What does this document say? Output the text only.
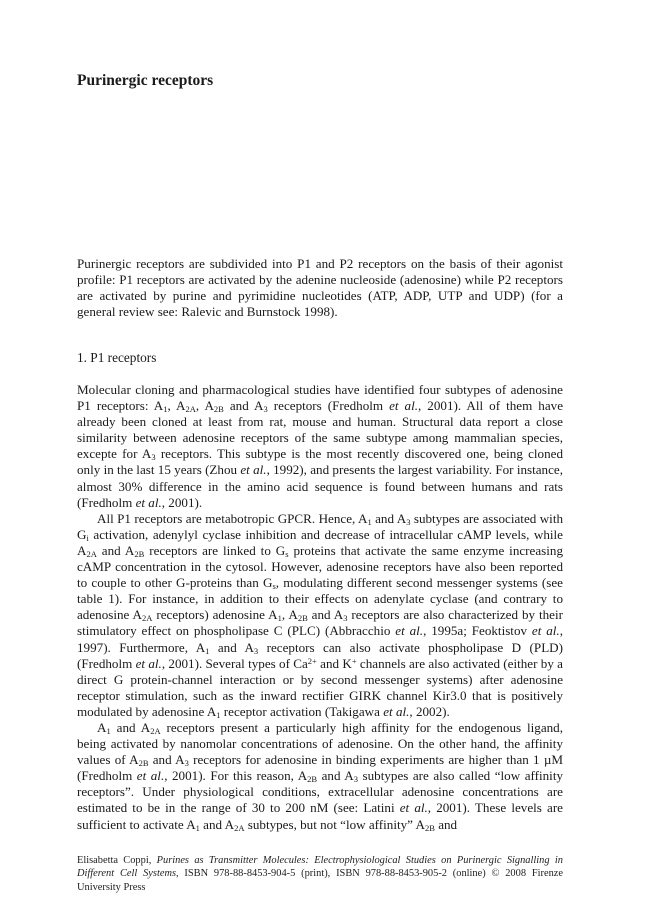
Purinergic receptors

Purinergic receptors are subdivided into P1 and P2 receptors on the basis of their agonist profile: P1 receptors are activated by the adenine nucleoside (adenosine) while P2 receptors are activated by purine and pyrimidine nucleotides (ATP, ADP, UTP and UDP) (for a general review see: Ralevic and Burnstock 1998).

1. P1 receptors

Molecular cloning and pharmacological studies have identified four subtypes of adenosine P1 receptors: $A_1$, $A_{2A}$, $A_{2B}$ and $A_3$ receptors (Fredholm et al., 2001). All of them have already been cloned at least from rat, mouse and human. Structural data report a close similarity between adenosine receptors of the same subtype among mammalian species, excepte for $A_3$ receptors. This subtype is the most recently discovered one, being cloned only in the last 15 years (Zhou et al., 1992), and presents the largest variability. For instance, almost 30% difference in the amino acid sequence is found between humans and rats (Fredholm et al., 2001).

All P1 receptors are metabotropic GPCR. Hence, $A_1$ and $A_3$ subtypes are associated with $G_i$ activation, adenylyl cyclase inhibition and decrease of intracellular cAMP levels, while $A_{2A}$ and $A_{2B}$ receptors are linked to $G_s$ proteins that activate the same enzyme increasing cAMP concentration in the cytosol. However, adenosine receptors have also been reported to couple to other G-proteins than $G_s$, modulating different second messenger systems (see table 1). For instance, in addition to their effects on adenylate cyclase (and contrary to adenosine $A_{2A}$ receptors) adenosine $A_1$, $A_{2B}$ and $A_3$ receptors are also characterized by their stimulatory effect on phospholipase C (PLC) (Abbracchio et al., 1995a; Feoktistov et al., 1997). Furthermore, $A_1$ and $A_3$ receptors can also activate phospholipase D (PLD) (Fredholm et al., 2001). Several types of $Ca^{2+}$ and K+ channels are also activated (either by a direct G protein-channel interaction or by second messenger systems) after adenosine receptor stimulation, such as the inward rectifier GIRK channel Kir3.0 that is positively modulated by adenosine $A_1$ receptor activation (Takigawa et al., 2002).

$A_1$ and $A_{2A}$ receptors present a particularly high affinity for the endogenous ligand, being activated by nanomolar concentrations of adenosine. On the other hand, the affinity values of $A_{2B}$ and $A_3$ receptors for adenosine in binding experiments are higher than 1 µM (Fredholm et al., 2001). For this reason, $A_{2B}$ and $A_3$ subtypes are also called “low affinity receptors”. Under physiological conditions, extracellular adenosine concentrations are estimated to be in the range of 30 to 200 nM (see: Latini et al., 2001). These levels are sufficient to activate $A_1$ and $A_{2A}$ subtypes, but not “low affinity” $A_{2B}$ and

Elisabetta Coppi, Purines as Transmitter Molecules: Electrophysiological Studies on Purinergic Signalling in Different Cell Systems, ISBN 978-88-8453-904-5 (print), ISBN 978-88-8453-905-2 (online) © 2008 Firenze University Press
